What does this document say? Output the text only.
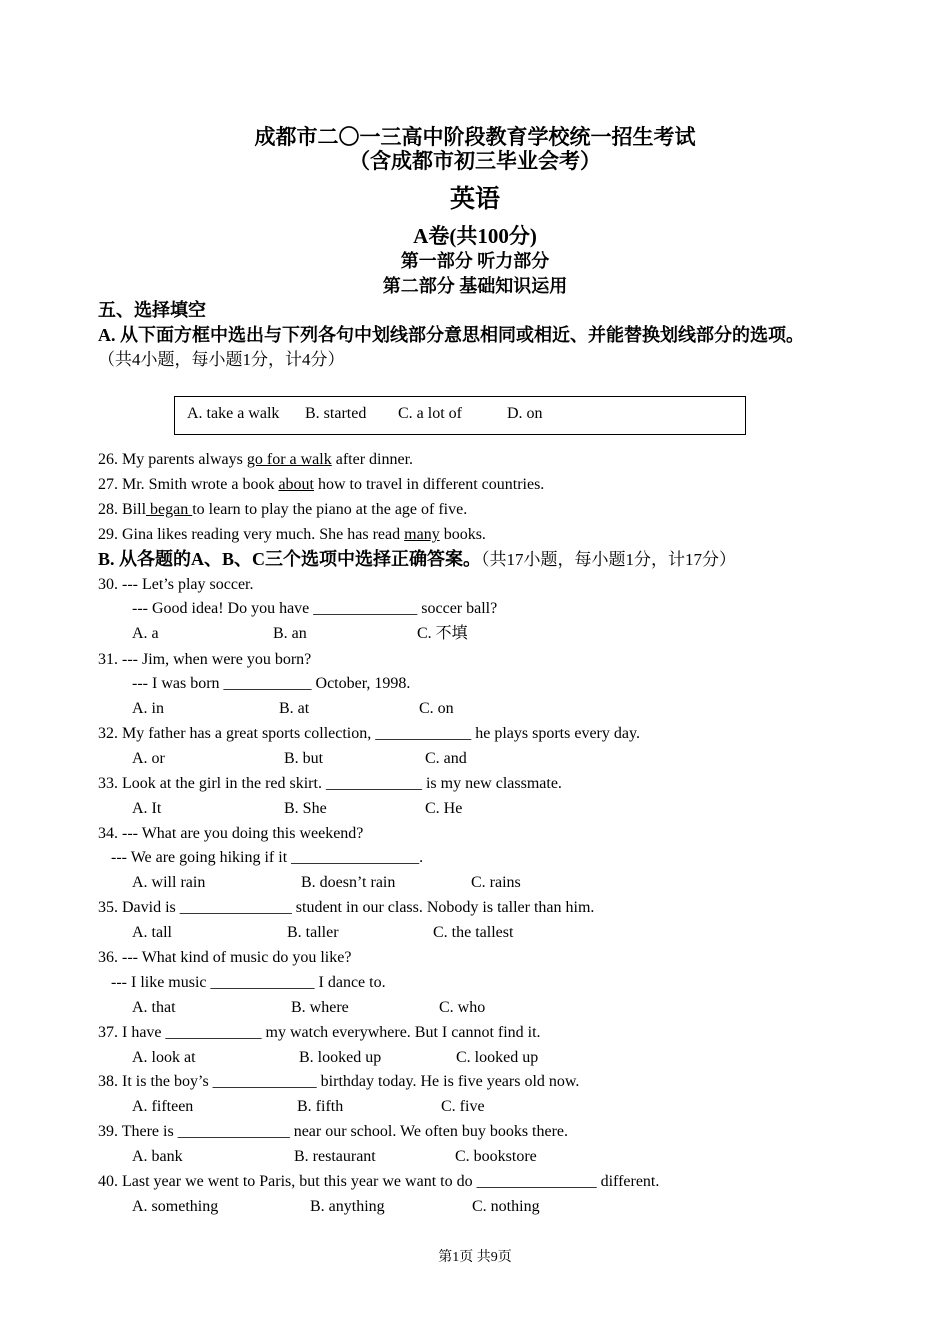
成都市二〇一三高中阶段教育学校统一招生考试
（含成都市初三毕业会考）
英语
A卷(共100分)
第一部分 听力部分
第二部分 基础知识运用
五、选择填空
A. 从下面方框中选出与下列各句中划线部分意思相同或相近、并能替换划线部分的选项。
（共4小题，每小题1分，计4分）
A. take a walk B. started C. a lot of	D. on
26. My parents always go for a walk after dinner.
27. Mr. Smith wrote a book about how to travel in different countries.
28. Bill began to learn to play the piano at the age of five.
29. Gina likes reading very much. She has read many books.
B. 从各题的A、B、C三个选项中选择正确答案。（共17小题，每小题1分，计17分）
30. --- Let’s play soccer.
--- Good idea! Do you have _____________ soccer ball?
A. a	B. an	C. 不填
31. --- Jim, when were you born?
--- I was born ___________ October, 1998.
A. in	B. at	C. on
32. My father has a great sports collection, ____________ he plays sports every day.
A. or	B. but	C. and
33. Look at the girl in the red skirt. ____________ is my new classmate.
A. It	B. She	C. He
34. --- What are you doing this weekend?
--- We are going hiking if it ________________.
A. will rain	B. doesn’t rain	C. rains
35. David is ______________ student in our class. Nobody is taller than him.
A. tall	B. taller	C. the tallest
36. --- What kind of music do you like?
--- I like music _____________ I dance to.
A. that	B. where	C. who
37. I have ____________ my watch everywhere. But I cannot find it.
A. look at	B. looked up	C. looked up
38. It is the boy’s _____________ birthday today. He is five years old now.
A. fifteen	B. fifth	C. five
39. There is ______________ near our school. We often buy books there.
A. bank	B. restaurant	C. bookstore
40. Last year we went to Paris, but this year we want to do _______________ different.
A. something	B. anything	C. nothing
第1页 共9页
